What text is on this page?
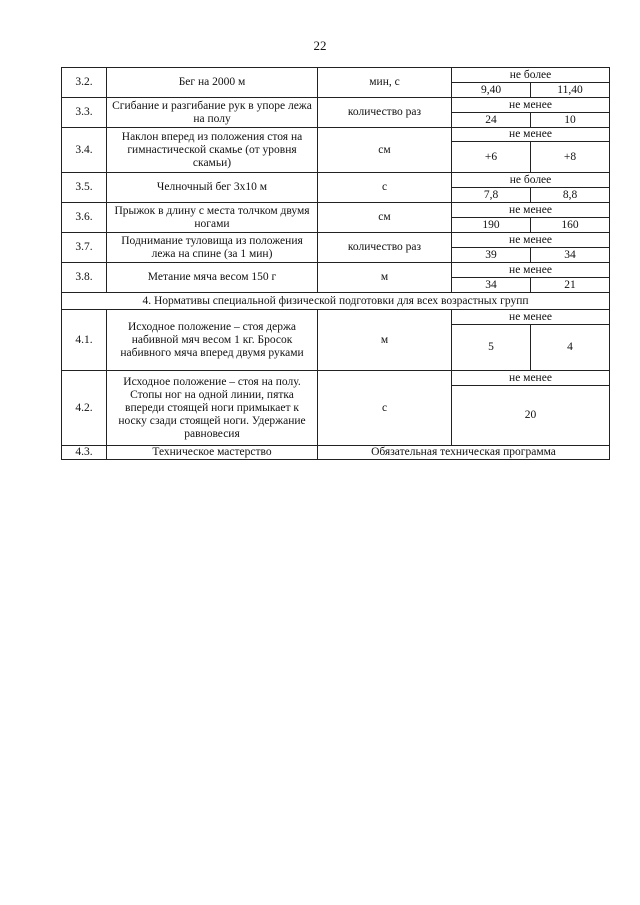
22
3.2.	Бег на 2000 м	мин, с	не более	
			9,40	11,40
3.3.	Сгибание и разгибание рук в упоре лежа на полу	количество раз	не менее	
			24	10
3.4.	Наклон вперед из положения стоя на гимнастической скамье (от уровня скамьи)	см	не менее	
			+6	+8
3.5.	Челночный бег 3x10 м	с	не более	
			7,8	8,8
3.6.	Прыжок в длину с места толчком двумя ногами	см	не менее	
			190	160
3.7.	Поднимание туловища из положения лежа на спине (за 1 мин)	количество раз	не менее	
			39	34
3.8.	Метание мяча весом 150 г	м	не менее	
			34	21
4. Нормативы специальной физической подготовки для всех возрастных групп				
4.1.	Исходное положение – стоя держа набивной мяч весом 1 кг. Бросок набивного мяча вперед двумя руками	м	не менее	
			5	4
4.2.	Исходное положение – стоя на полу. Стопы ног на одной линии, пятка впереди стоящей ноги примыкает к носку сзади стоящей ноги. Удержание равновесия	с	не менее	
			20	
4.3.	Техническое мастерство	Обязательная техническая программа		
